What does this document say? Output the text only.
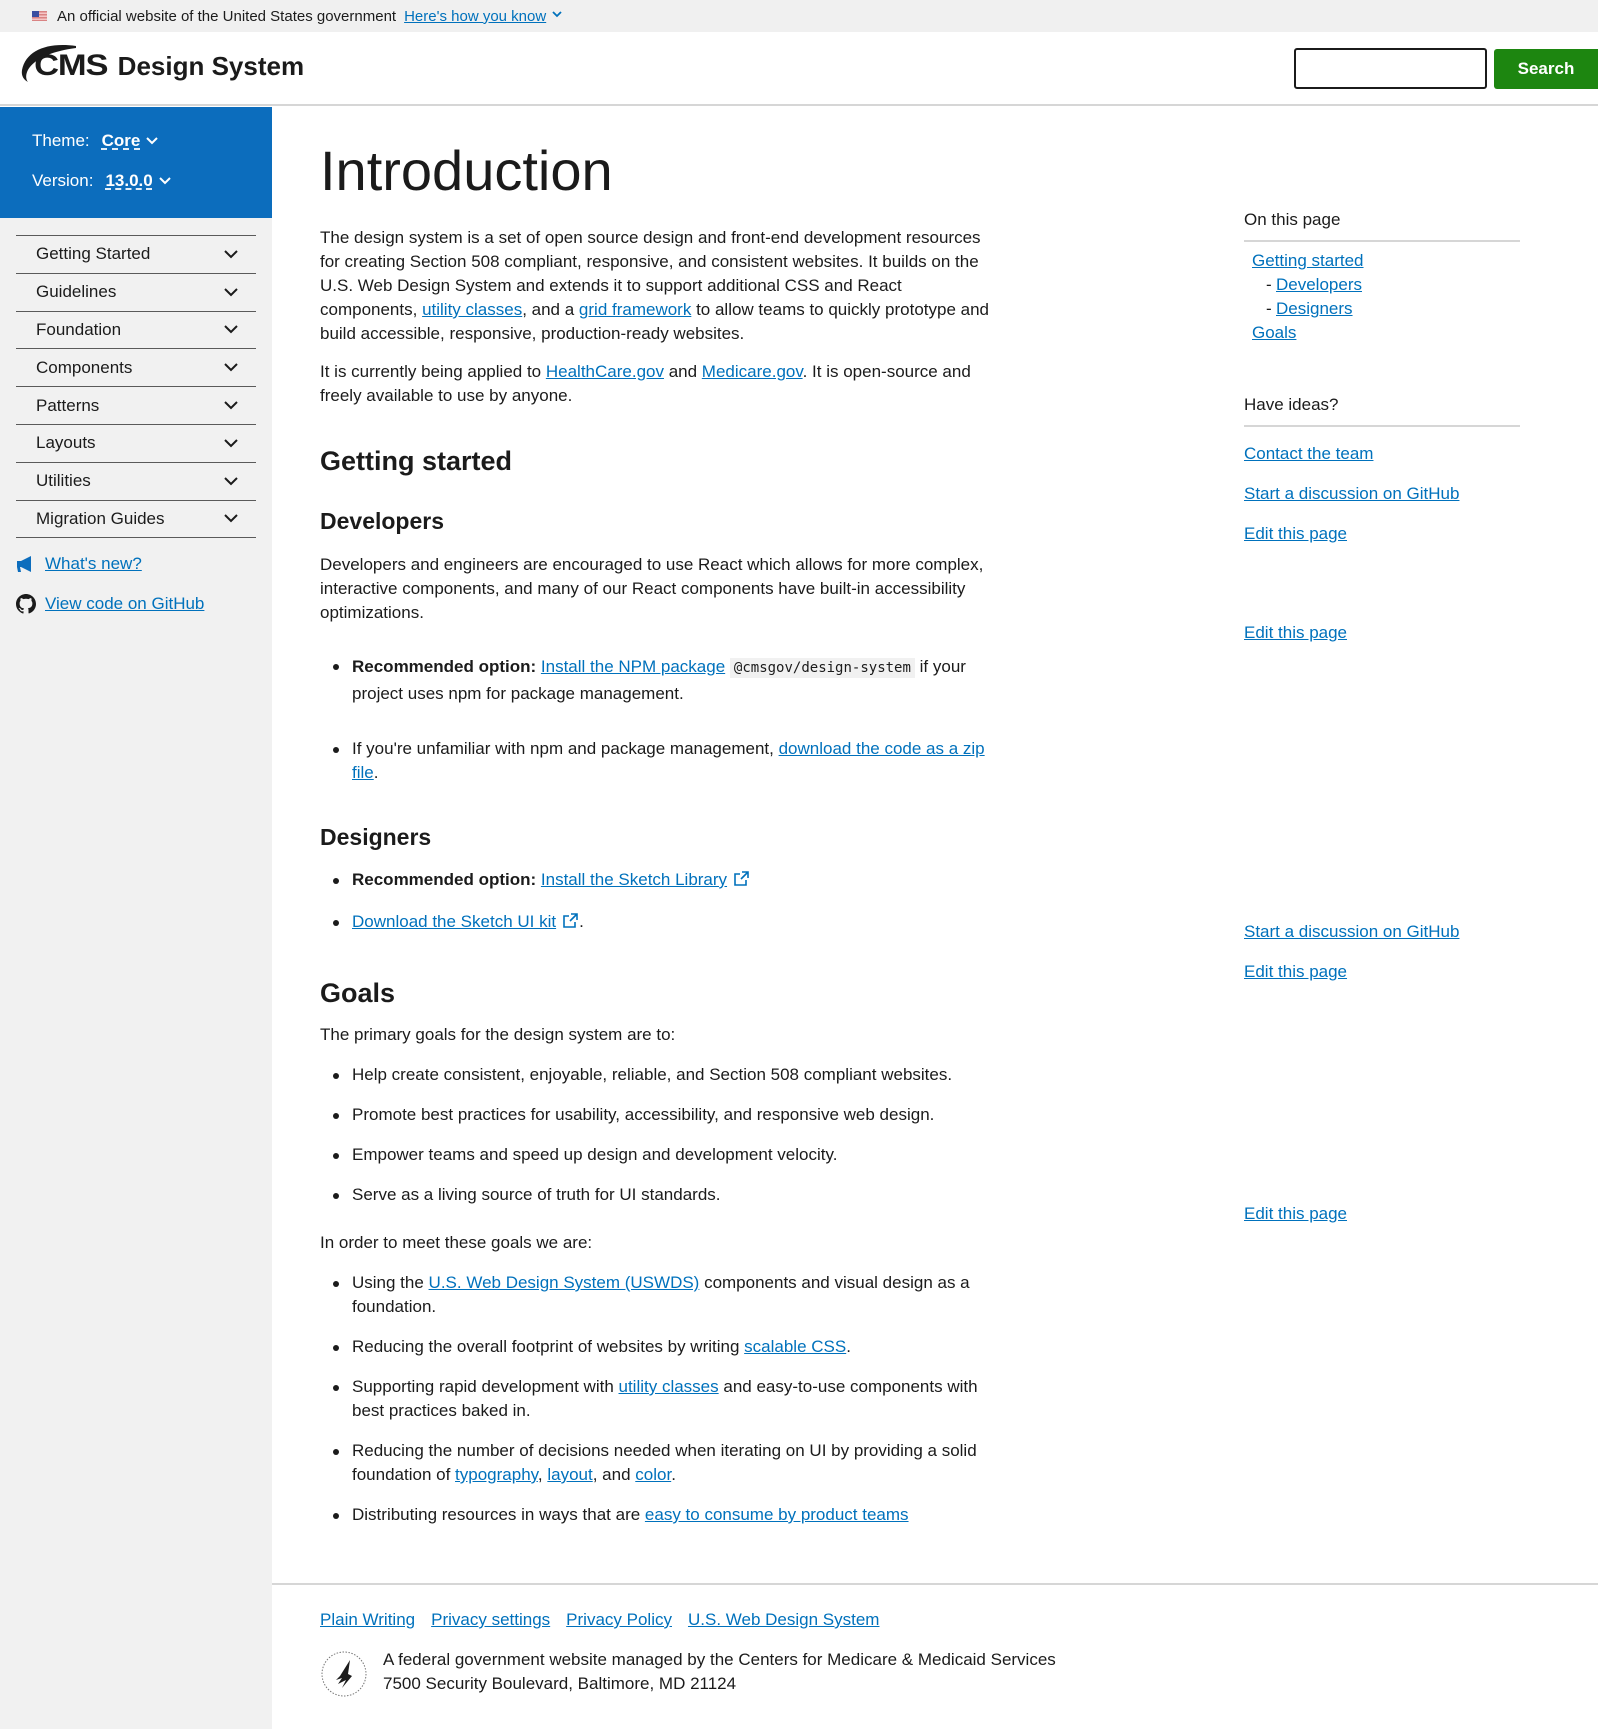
An official website of the United States government Here's how you know
CMS Design System	Search
Theme: Core
Version: 13.0.0
Getting Started
Guidelines
Foundation
Components
Patterns
Layouts
Utilities
Migration Guides
What's new?
View code on GitHub
Introduction

The design system is a set of open source design and front-end development resources for creating Section 508 compliant, responsive, and consistent websites. It builds on the U.S. Web Design System and extends it to support additional CSS and React components, utility classes, and a grid framework to allow teams to quickly prototype and build accessible, responsive, production-ready websites.

It is currently being applied to HealthCare.gov and Medicare.gov. It is open-source and freely available to use by anyone.

Getting started
Developers

Developers and engineers are encouraged to use React which allows for more complex, interactive components, and many of our React components have built-in accessibility optimizations.

Recommended option: Install the NPM package @cmsgov/design-system if your project uses npm for package management.
If you're unfamiliar with npm and package management, download the code as a zip file.
Designers
Recommended option: Install the Sketch Library
Download the Sketch UI kit .
Goals

The primary goals for the design system are to:

Help create consistent, enjoyable, reliable, and Section 508 compliant websites.
Promote best practices for usability, accessibility, and responsive web design.
Empower teams and speed up design and development velocity.
Serve as a living source of truth for UI standards.

In order to meet these goals we are:

Using the U.S. Web Design System (USWDS) components and visual design as a foundation.
Reducing the overall footprint of websites by writing scalable CSS.
Supporting rapid development with utility classes and easy-to-use components with best practices baked in.
Reducing the number of decisions needed when iterating on UI by providing a solid foundation of typography, layout, and color.
Distributing resources in ways that are easy to consume by product teams
On this page
Getting started
- Developers
- Designers
Goals
Have ideas?
Contact the team
Start a discussion on GitHub
Edit this page
Edit this page
Start a discussion on GitHub
Edit this page
Edit this page
Plain Writing Privacy settings Privacy Policy U.S. Web Design System
A federal government website managed by the Centers for Medicare & Medicaid Services
7500 Security Boulevard, Baltimore, MD 21124
